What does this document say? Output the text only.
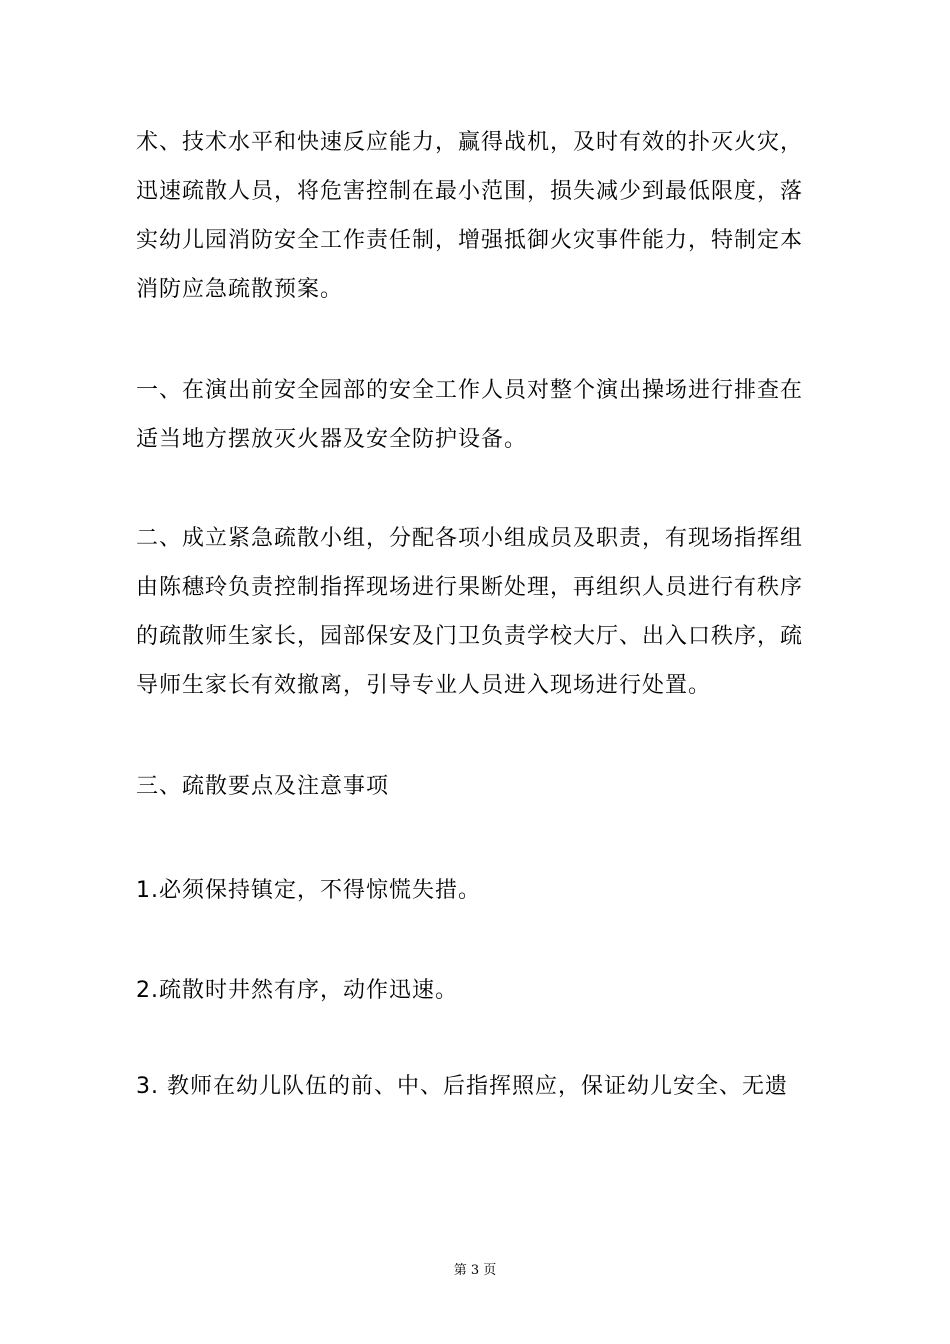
术、技术水平和快速反应能力，赢得战机，及时有效的扑灭火灾，
迅速疏散人员，将危害控制在最小范围，损失减少到最低限度，落
实幼儿园消防安全工作责任制，增强抵御火灾事件能力，特制定本
消防应急疏散预案。
一、在演出前安全园部的安全工作人员对整个演出操场进行排查在
适当地方摆放灭火器及安全防护设备。
二、成立紧急疏散小组，分配各项小组成员及职责，有现场指挥组
由陈穗玲负责控制指挥现场进行果断处理，再组织人员进行有秩序
的疏散师生家长，园部保安及门卫负责学校大厅、出入口秩序，疏
导师生家长有效撤离，引导专业人员进入现场进行处置。
三、疏散要点及注意事项
1.必须保持镇定，不得惊慌失措。
2.疏散时井然有序，动作迅速。
3. 教师在幼儿队伍的前、中、后指挥照应，保证幼儿安全、无遗
第 3 页
